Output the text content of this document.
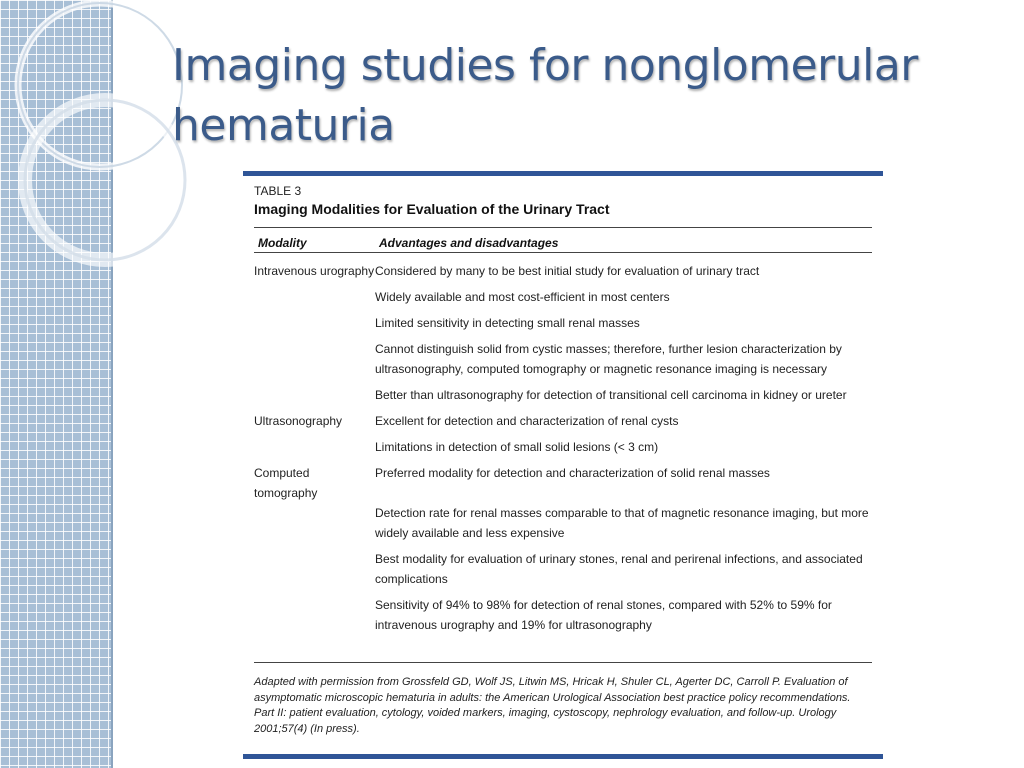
Imaging studies for nonglomerular hematuria
TABLE 3
Imaging Modalities for Evaluation of the Urinary Tract
Modality	Advantages and disadvantages
Intravenous urography Considered by many to be best initial study for evaluation of urinary tract
Widely available and most cost-efficient in most centers
Limited sensitivity in detecting small renal masses
Cannot distinguish solid from cystic masses; therefore, further lesion characterization by ultrasonography, computed tomography or magnetic resonance imaging is necessary
Better than ultrasonography for detection of transitional cell carcinoma in kidney or ureter
Ultrasonography	Excellent for detection and characterization of renal cysts
Limitations in detection of small solid lesions (< 3 cm)
Computed tomography
Preferred modality for detection and characterization of solid renal masses
Detection rate for renal masses comparable to that of magnetic resonance imaging, but more widely available and less expensive
Best modality for evaluation of urinary stones, renal and perirenal infections, and associated complications
Sensitivity of 94% to 98% for detection of renal stones, compared with 52% to 59% for intravenous urography and 19% for ultrasonography
Adapted with permission from Grossfeld GD, Wolf JS, Litwin MS, Hricak H, Shuler CL, Agerter DC, Carroll P. Evaluation of asymptomatic microscopic hematuria in adults: the American Urological Association best practice policy recommendations. Part II: patient evaluation, cytology, voided markers, imaging, cystoscopy, nephrology evaluation, and follow-up. Urology 2001;57(4) (In press).
